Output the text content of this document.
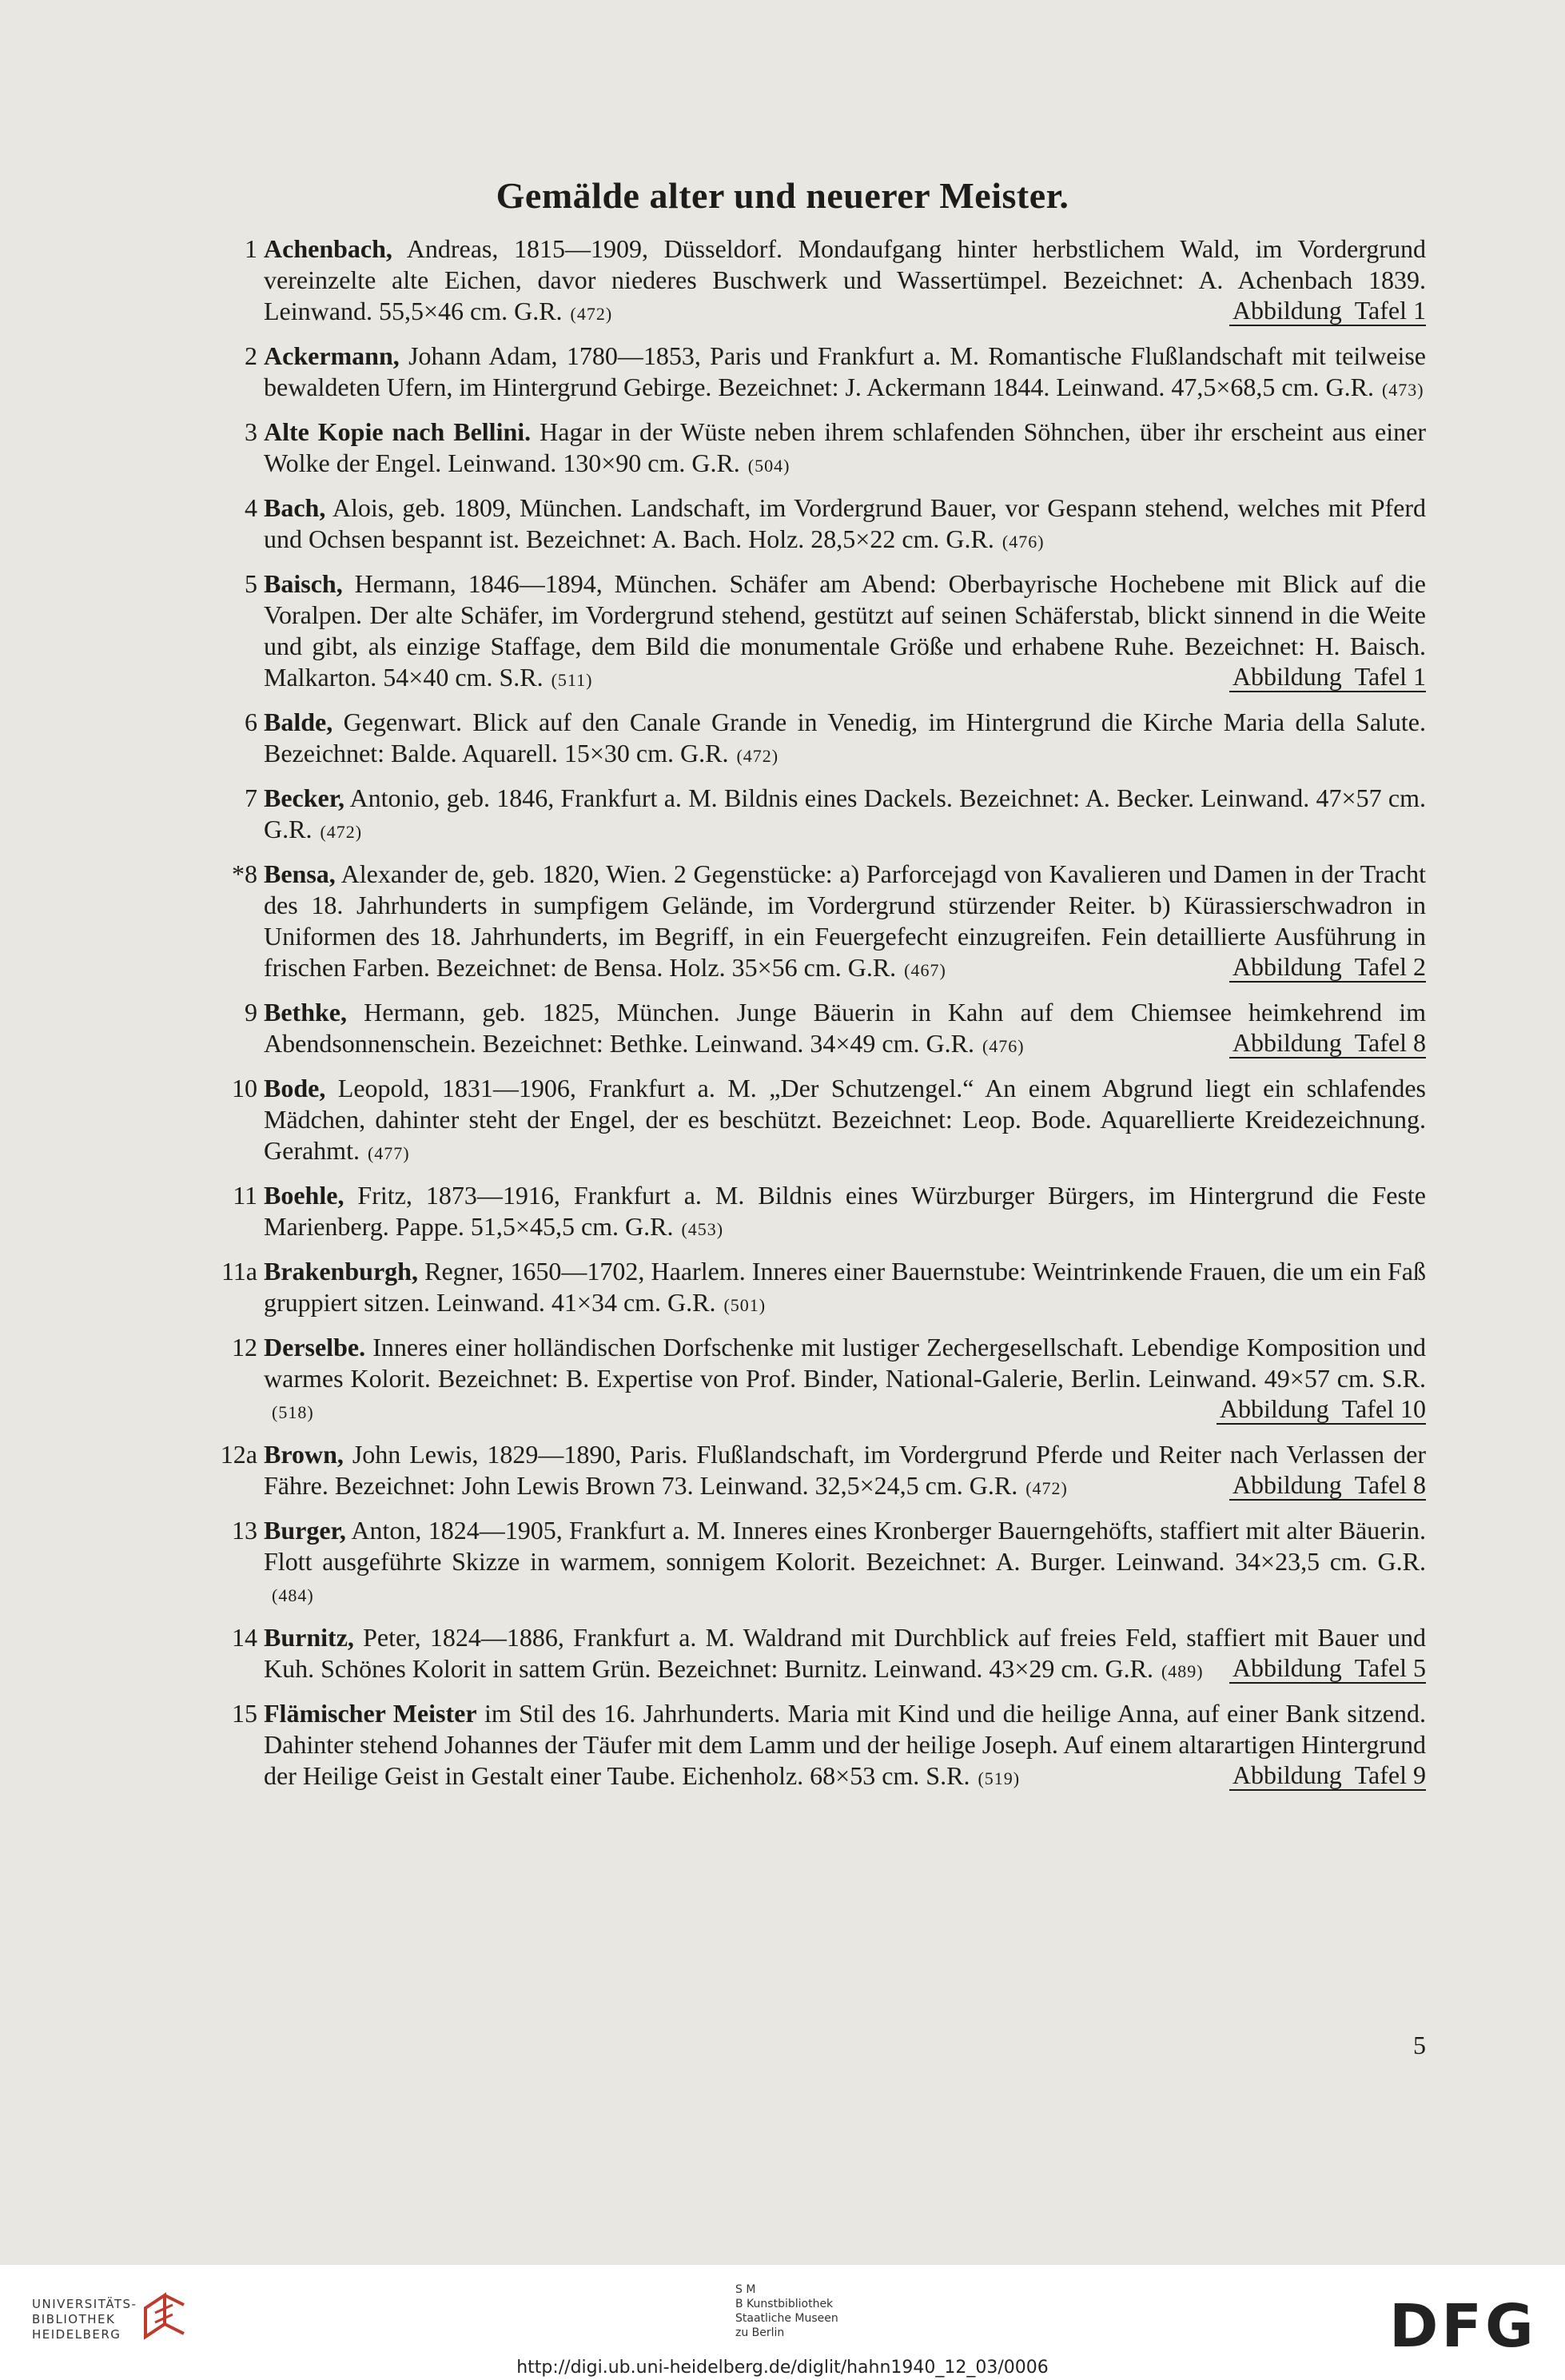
Gemälde alter und neuerer Meister.
1 Achenbach, Andreas, 1815—1909, Düsseldorf. Mondaufgang hinter herbstlichem Wald, im Vordergrund vereinzelte alte Eichen, davor niederes Buschwerk und Wassertümpel. Bezeichnet: A. Achenbach 1839. Leinwand. 55,5×46 cm. G.R. (472)	Abbildung Tafel 1
2 Ackermann, Johann Adam, 1780—1853, Paris und Frankfurt a. M. Romantische Flußlandschaft mit teilweise bewaldeten Ufern, im Hintergrund Gebirge. Bezeichnet: J. Ackermann 1844. Leinwand. 47,5×68,5 cm. G.R. (473)
3 Alte Kopie nach Bellini. Hagar in der Wüste neben ihrem schlafenden Söhnchen, über ihr erscheint aus einer Wolke der Engel. Leinwand. 130×90 cm. G.R. (504)
4 Bach, Alois, geb. 1809, München. Landschaft, im Vordergrund Bauer, vor Gespann stehend, welches mit Pferd und Ochsen bespannt ist. Bezeichnet: A. Bach. Holz. 28,5×22 cm. G.R. (476)
5 Baisch, Hermann, 1846—1894, München. Schäfer am Abend: Oberbayrische Hochebene mit Blick auf die Voralpen. Der alte Schäfer, im Vordergrund stehend, gestützt auf seinen Schäferstab, blickt sinnend in die Weite und gibt, als einzige Staffage, dem Bild die monumentale Größe und erhabene Ruhe. Bezeichnet: H. Baisch. Malkarton. 54×40 cm. S.R. (511)	Abbildung Tafel 1
6 Balde, Gegenwart. Blick auf den Canale Grande in Venedig, im Hintergrund die Kirche Maria della Salute. Bezeichnet: Balde. Aquarell. 15×30 cm. G.R. (472)
7 Becker, Antonio, geb. 1846, Frankfurt a. M. Bildnis eines Dackels. Bezeichnet: A. Becker. Leinwand. 47×57 cm. G.R. (472)
*8 Bensa, Alexander de, geb. 1820, Wien. 2 Gegenstücke: a) Parforcejagd von Kavalieren und Damen in der Tracht des 18. Jahrhunderts in sumpfigem Gelände, im Vordergrund stürzender Reiter. b) Kürassierschwadron in Uniformen des 18. Jahrhunderts, im Begriff, in ein Feuergefecht einzugreifen. Fein detaillierte Ausführung in frischen Farben. Bezeichnet: de Bensa. Holz. 35×56 cm. G.R. (467)	Abbildung Tafel 2
9 Bethke, Hermann, geb. 1825, München. Junge Bäuerin in Kahn auf dem Chiemsee heimkehrend im Abendsonnenschein. Bezeichnet: Bethke. Leinwand. 34×49 cm. G.R. (476)	Abbildung Tafel 8
10 Bode, Leopold, 1831—1906, Frankfurt a. M. „Der Schutzengel.“ An einem Abgrund liegt ein schlafendes Mädchen, dahinter steht der Engel, der es beschützt. Bezeichnet: Leop. Bode. Aquarellierte Kreidezeichnung. Gerahmt. (477)
11 Boehle, Fritz, 1873—1916, Frankfurt a. M. Bildnis eines Würzburger Bürgers, im Hintergrund die Feste Marienberg. Pappe. 51,5×45,5 cm. G.R. (453)
11a Brakenburgh, Regner, 1650—1702, Haarlem. Inneres einer Bauernstube: Weintrinkende Frauen, die um ein Faß gruppiert sitzen. Leinwand. 41×34 cm. G.R. (501)
12 Derselbe. Inneres einer holländischen Dorfschenke mit lustiger Zechergesellschaft. Lebendige Komposition und warmes Kolorit. Bezeichnet: B. Expertise von Prof. Binder, National-Galerie, Berlin. Leinwand. 49×57 cm. S.R.(518)	Abbildung Tafel 10
12a Brown, John Lewis, 1829—1890, Paris. Flußlandschaft, im Vordergrund Pferde und Reiter nach Verlassen der Fähre. Bezeichnet: John Lewis Brown 73. Leinwand. 32,5×24,5 cm. G.R. (472)	Abbildung Tafel 8
13 Burger, Anton, 1824—1905, Frankfurt a. M. Inneres eines Kronberger Bauerngehöfts, staffiert mit alter Bäuerin. Flott ausgeführte Skizze in warmem, sonnigem Kolorit. Bezeichnet: A. Burger. Leinwand. 34×23,5 cm. G.R.(484)
14 Burnitz, Peter, 1824—1886, Frankfurt a. M. Waldrand mit Durchblick auf freies Feld, staffiert mit Bauer und Kuh. Schönes Kolorit in sattem Grün. Bezeichnet: Burnitz. Leinwand. 43×29 cm. G.R. (489) Abbildung Tafel 5
15 Flämischer Meister im Stil des 16. Jahrhunderts. Maria mit Kind und die heilige Anna, auf einer Bank sitzend. Dahinter stehend Johannes der Täufer mit dem Lamm und der heilige Joseph. Auf einem altarartigen Hintergrund der Heilige Geist in Gestalt einer Taube. Eichenholz. 68×53 cm. S.R. (519)	Abbildung Tafel 9
5
UNIVERSITÄTS-
BIBLIOTHEK
HEIDELBERG
S M
B Kunstbibliothek
Staatliche Museen
zu Berlin	DFG
http://digi.ub.uni-heidelberg.de/diglit/hahn1940_12_03/0006
